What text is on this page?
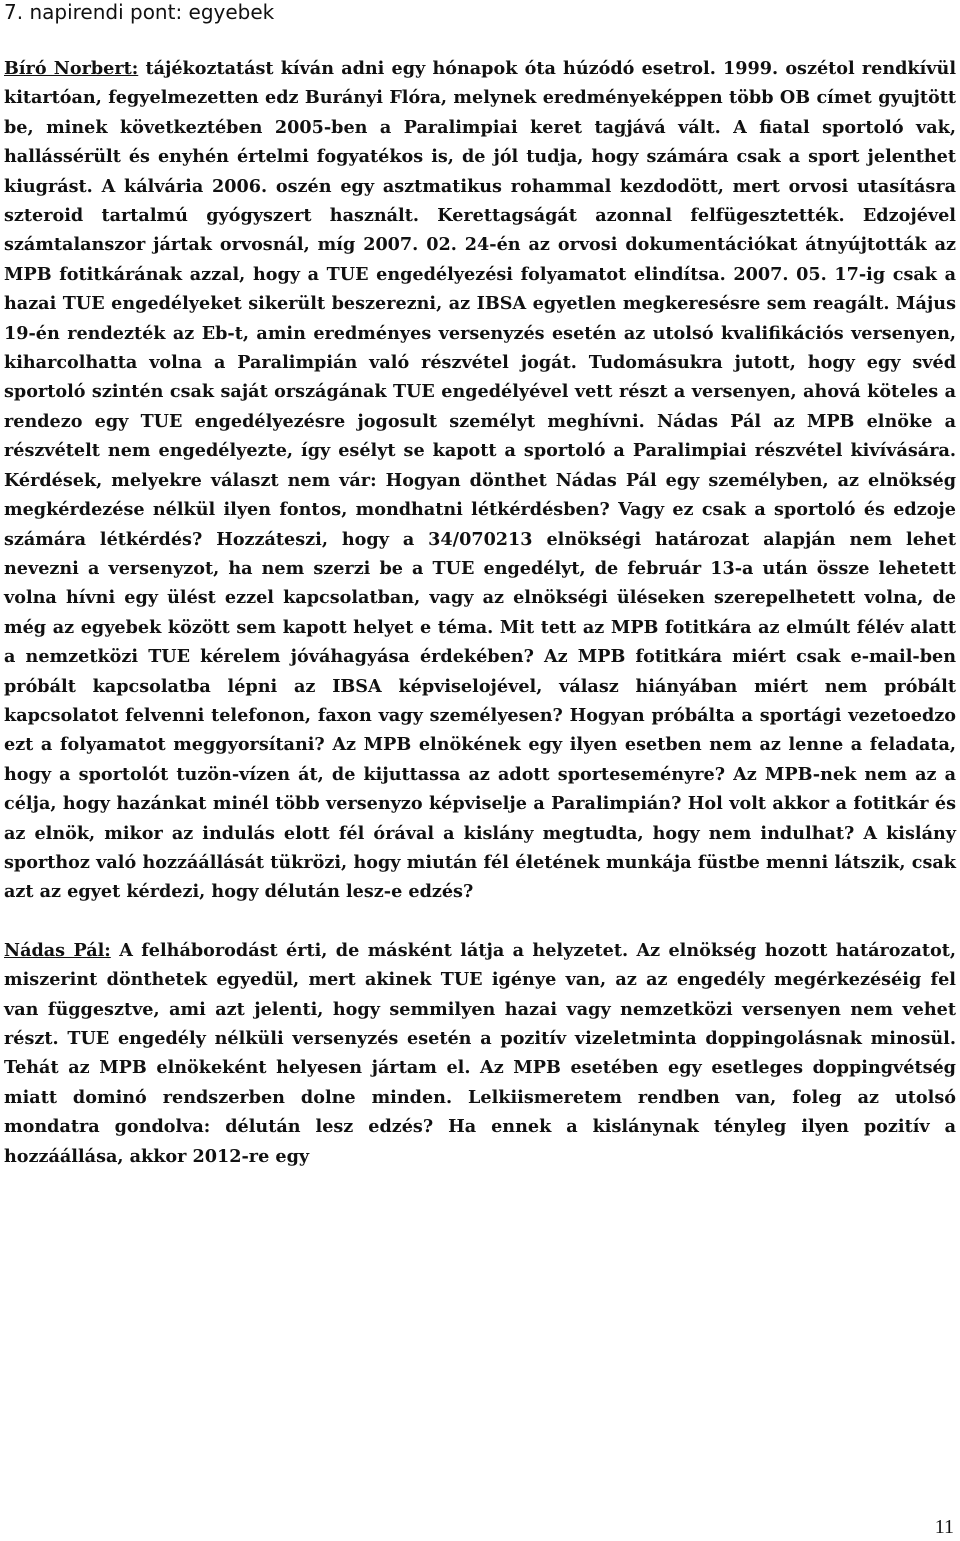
7. napirendi pont: egyebek

Bíró Norbert: tájékoztatást kíván adni egy hónapok óta húzódó esetrol. 1999. oszétol rendkívül kitartóan, fegyelmezetten edz Burányi Flóra, melynek eredményeképpen több OB címet gyujtött be, minek következtében 2005-ben a Paralimpiai keret tagjává vált. A fiatal sportoló vak, hallássérült és enyhén értelmi fogyatékos is, de jól tudja, hogy számára csak a sport jelenthet kiugrást. A kálvária 2006. oszén egy asztmatikus rohammal kezdodött, mert orvosi utasításra szteroid tartalmú gyógyszert használt. Kerettagságát azonnal felfügesztették. Edzojével számtalanszor jártak orvosnál, míg 2007. 02. 24-én az orvosi dokumentációkat átnyújtották az MPB fotitkárának azzal, hogy a TUE engedélyezési folyamatot elindítsa. 2007. 05. 17-ig csak a hazai TUE engedélyeket sikerült beszerezni, az IBSA egyetlen megkeresésre sem reagált. Május 19-én rendezték az Eb-t, amin eredményes versenyzés esetén az utolsó kvalifikációs versenyen, kiharcolhatta volna a Paralimpián való részvétel jogát. Tudomásukra jutott, hogy egy svéd sportoló szintén csak saját országának TUE engedélyével vett részt a versenyen, ahová köteles a rendezo egy TUE engedélyezésre jogosult személyt meghívni. Nádas Pál az MPB elnöke a részvételt nem engedélyezte, így esélyt se kapott a sportoló a Paralimpiai részvétel kivívására. Kérdések, melyekre választ nem vár: Hogyan dönthet Nádas Pál egy személyben, az elnökség megkérdezése nélkül ilyen fontos, mondhatni létkérdésben? Vagy ez csak a sportoló és edzoje számára létkérdés? Hozzáteszi, hogy a 34/070213 elnökségi határozat alapján nem lehet nevezni a versenyzot, ha nem szerzi be a TUE engedélyt, de február 13-a után össze lehetett volna hívni egy ülést ezzel kapcsolatban, vagy az elnökségi üléseken szerepelhetett volna, de még az egyebek között sem kapott helyet e téma. Mit tett az MPB fotitkára az elmúlt félév alatt a nemzetközi TUE kérelem jóváhagyása érdekében? Az MPB fotitkára miért csak e-mail-ben próbált kapcsolatba lépni az IBSA képviselojével, válasz hiányában miért nem próbált kapcsolatot felvenni telefonon, faxon vagy személyesen? Hogyan próbálta a sportági vezetoedzo ezt a folyamatot meggyorsítani? Az MPB elnökének egy ilyen esetben nem az lenne a feladata, hogy a sportolót tuzön-vízen át, de kijuttassa az adott sporteseményre? Az MPB-nek nem az a célja, hogy hazánkat minél több versenyzo képviselje a Paralimpián? Hol volt akkor a fotitkár és az elnök, mikor az indulás elott fél órával a kislány megtudta, hogy nem indulhat? A kislány sporthoz való hozzáállását tükrözi, hogy miután fél életének munkája füstbe menni látszik, csak azt az egyet kérdezi, hogy délután lesz-e edzés?

Nádas Pál: A felháborodást érti, de másként látja a helyzetet. Az elnökség hozott határozatot, miszerint dönthetek egyedül, mert akinek TUE igénye van, az az engedély megérkezéséig fel van függesztve, ami azt jelenti, hogy semmilyen hazai vagy nemzetközi versenyen nem vehet részt. TUE engedély nélküli versenyzés esetén a pozitív vizeletminta doppingolásnak minosül. Tehát az MPB elnökeként helyesen jártam el. Az MPB esetében egy esetleges doppingvétség miatt dominó rendszerben dolne minden. Lelkiismeretem rendben van, foleg az utolsó mondatra gondolva: délután lesz edzés? Ha ennek a kislánynak tényleg ilyen pozitív a hozzáállása, akkor 2012-re egy

11
